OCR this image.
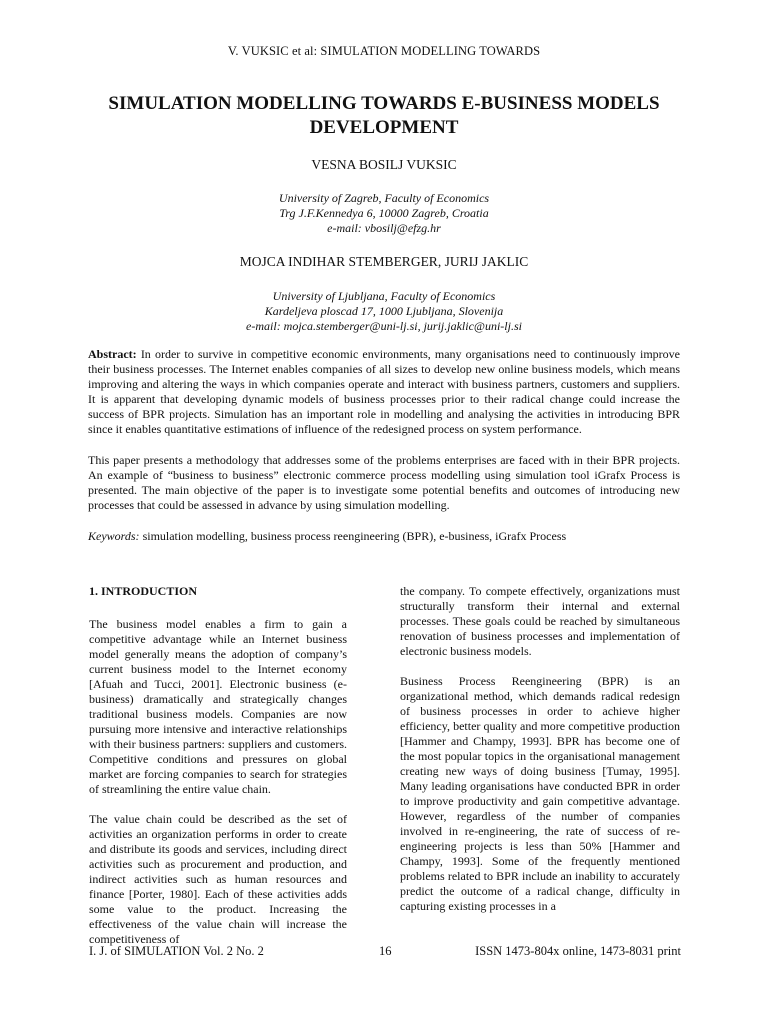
V. VUKSIC et al: SIMULATION MODELLING TOWARDS
SIMULATION MODELLING TOWARDS E-BUSINESS MODELS DEVELOPMENT
VESNA BOSILJ VUKSIC
University of Zagreb, Faculty of Economics
Trg J.F.Kennedya 6, 10000 Zagreb, Croatia
e-mail: vbosilj@efzg.hr
MOJCA INDIHAR STEMBERGER, JURIJ JAKLIC
University of Ljubljana, Faculty of Economics
Kardeljeva ploscad 17, 1000 Ljubljana, Slovenija
e-mail: mojca.stemberger@uni-lj.si, jurij.jaklic@uni-lj.si

Abstract: In order to survive in competitive economic environments, many organisations need to continuously improve their business processes. The Internet enables companies of all sizes to develop new online business models, which means improving and altering the ways in which companies operate and interact with business partners, customers and suppliers. It is apparent that developing dynamic models of business processes prior to their radical change could increase the success of BPR projects. Simulation has an important role in modelling and analysing the activities in introducing BPR since it enables quantitative estimations of influence of the redesigned process on system performance.

This paper presents a methodology that addresses some of the problems enterprises are faced with in their BPR projects. An example of “business to business” electronic commerce process modelling using simulation tool iGrafx Process is presented. The main objective of the paper is to investigate some potential benefits and outcomes of introducing new processes that could be assessed in advance by using simulation modelling.

Keywords: simulation modelling, business process reengineering (BPR), e-business, iGrafx Process

1. INTRODUCTION

The business model enables a firm to gain a competitive advantage while an Internet business model generally means the adoption of company’s current business model to the Internet economy [Afuah and Tucci, 2001]. Electronic business (e-business) dramatically and strategically changes traditional business models. Companies are now pursuing more intensive and interactive relationships with their business partners: suppliers and customers. Competitive conditions and pressures on global market are forcing companies to search for strategies of streamlining the entire value chain.

The value chain could be described as the set of activities an organization performs in order to create and distribute its goods and services, including direct activities such as procurement and production, and indirect activities such as human resources and finance [Porter, 1980]. Each of these activities adds some value to the product. Increasing the effectiveness of the value chain will increase the competitiveness of

the company. To compete effectively, organizations must structurally transform their internal and external processes. These goals could be reached by simultaneous renovation of business processes and implementation of electronic business models.

Business Process Reengineering (BPR) is an organizational method, which demands radical redesign of business processes in order to achieve higher efficiency, better quality and more competitive production [Hammer and Champy, 1993]. BPR has become one of the most popular topics in the organisational management creating new ways of doing business [Tumay, 1995]. Many leading organisations have conducted BPR in order to improve productivity and gain competitive advantage. However, regardless of the number of companies involved in re-engineering, the rate of success of re-engineering projects is less than 50% [Hammer and Champy, 1993]. Some of the frequently mentioned problems related to BPR include an inability to accurately predict the outcome of a radical change, difficulty in capturing existing processes in a

I. J. of SIMULATION Vol. 2 No. 2	16	ISSN 1473-804x online, 1473-8031 print
